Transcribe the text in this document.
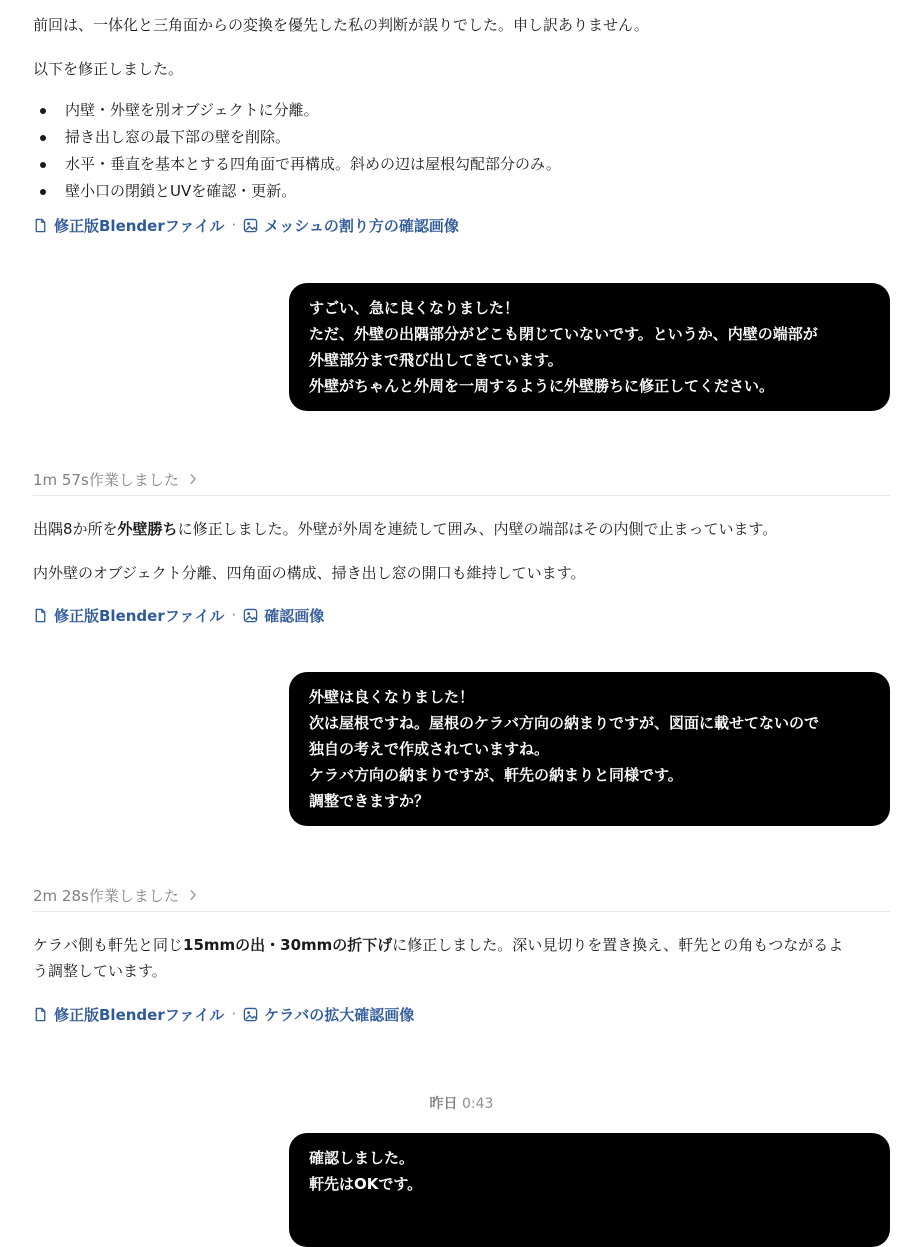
前回は、一体化と三角面からの変換を優先した私の判断が誤りでした。申し訳ありません。

以下を修正しました。

内壁・外壁を別オブジェクトに分離。
掃き出し窓の最下部の壁を削除。
水平・垂直を基本とする四角面で再構成。斜めの辺は屋根勾配部分のみ。
壁小口の閉鎖とUVを確認・更新。
修正版Blenderファイル · メッシュの割り方の確認画像
すごい、急に良くなりました！
ただ、外壁の出隅部分がどこも閉じていないです。というか、内壁の端部が
外壁部分まで飛び出してきています。
外壁がちゃんと外周を一周するように外壁勝ちに修正してください。
1m 57s作業しました

出隅8か所を外壁勝ちに修正しました。外壁が外周を連続して囲み、内壁の端部はその内側で止まっています。

内外壁のオブジェクト分離、四角面の構成、掃き出し窓の開口も維持しています。

修正版Blenderファイル · 確認画像
外壁は良くなりました！
次は屋根ですね。屋根のケラバ方向の納まりですが、図面に載せてないので
独自の考えで作成されていますね。
ケラバ方向の納まりですが、軒先の納まりと同様です。
調整できますか？
2m 28s作業しました

ケラバ側も軒先と同じ15mmの出・30mmの折下げに修正しました。深い見切りを置き換え、軒先との角もつながるよ
う調整しています。

修正版Blenderファイル · ケラバの拡大確認画像
昨日 0:43
確認しました。
軒先はOKです。
